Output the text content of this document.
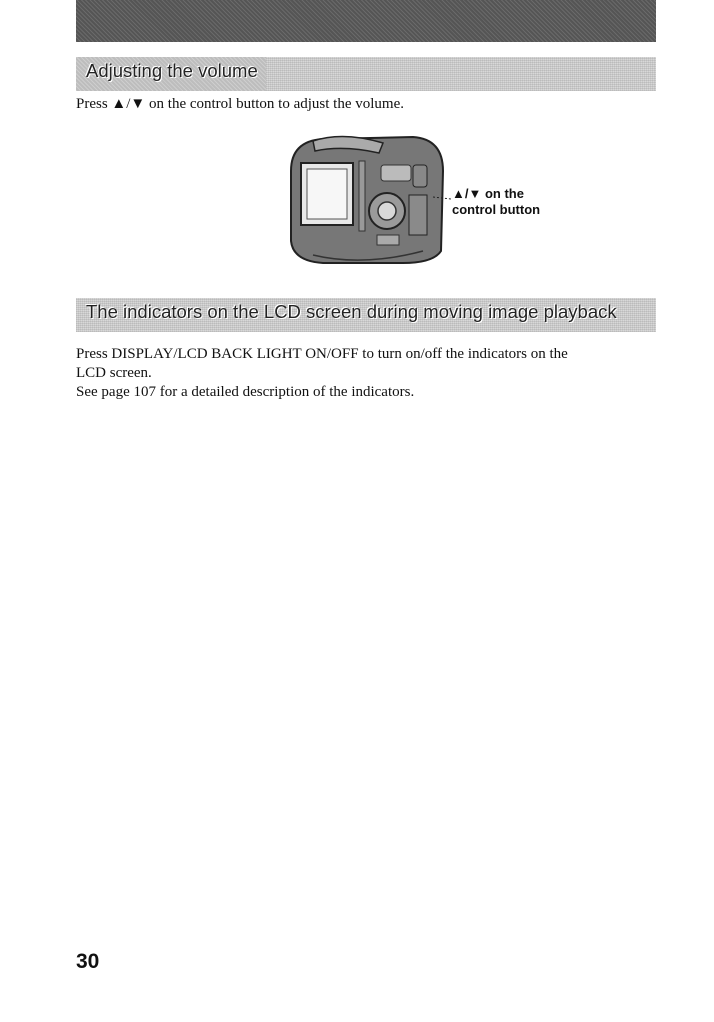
Adjusting the volume
Press ▲/▼ on the control button to adjust the volume.
▲/▼ on the
control button
The indicators on the LCD screen during moving image playback
Press DISPLAY/LCD BACK LIGHT ON/OFF to turn on/off the indicators on the
LCD screen.
See page 107 for a detailed description of the indicators.
30
